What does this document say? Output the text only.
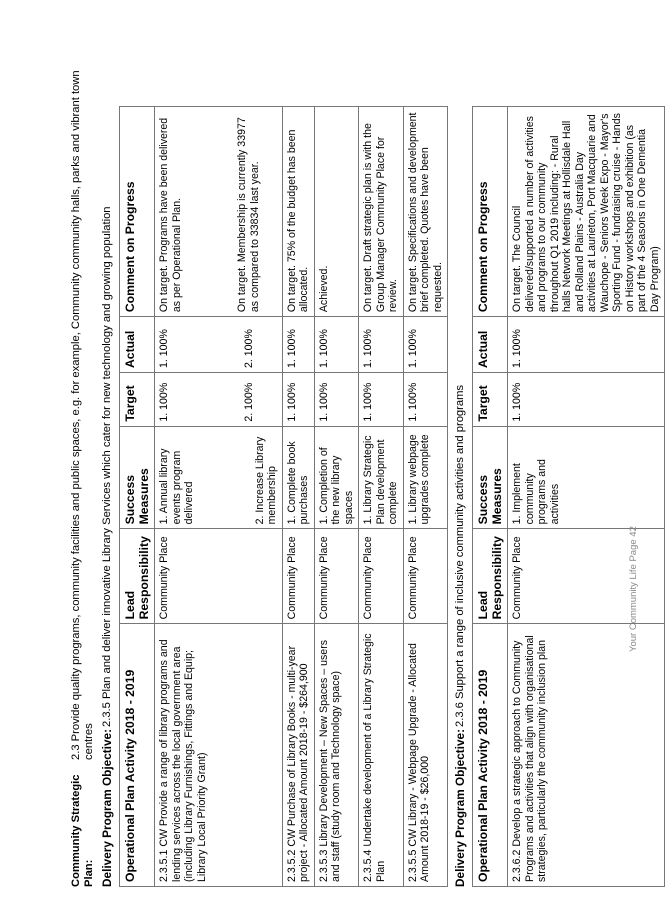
Community Strategic Plan:
2.3 Provide quality programs, community facilities and public spaces, e.g. for example, Community community halls, parks and vibrant town centres Delivery Program Objective:
2.3.5 Plan and deliver innovative Library Services which cater for new technology and growing population
Operational Plan Activity 2018 - 2019	Lead Responsibility	Success Measures	Target	Actual	Comment on Progress
2.3.5.1 CW Provide a range of library programs and lending services across the local government area (including Library Furnishings, Fittings and Equip; Library Local Priority Grant)	Community Place	1. Annual library events program delivered 2. Increase Library membership	1. 100% 2. 100%	1. 100% 2. 100%	On target. Programs have been delivered as per Operational Plan. On target. Membership is currently 33977 as compared to 33834 last year.

2.3.5.2 CW Purchase of Library Books - multi-year project - Allocated Amount 2018-19 - $264,900	Community Place	1. Complete book purchases	1. 100%	1. 100%	On target. 75% of the budget has been allocated.
2.3.5.3 Library Development – New Spaces – users and staff (study room and Technology space)	Community Place	1. Completion of the new library spaces	1. 100%	1. 100%	Achieved.
2.3.5.4 Undertake development of a Library Strategic Plan	Community Place	1. Library Strategic Plan development complete	1. 100%	1. 100%	On target. Draft strategic plan is with the Group Manager Community Place for review.
2.3.5.5 CW Library - Webpage Upgrade - Allocated Amount 2018-19 - $26,000	Community Place	1. Library webpage upgrades complete	1. 100%	1. 100%	On target. Specifications and development brief completed. Quotes have been requested.
Delivery Program Objective:
2.3.6 Support a range of inclusive community activities and programs
Operational Plan Activity 2018 - 2019	Lead Responsibility	Success Measures	Target	Actual	Comment on Progress
2.3.6.2 Develop a strategic approach to Community Programs and activities that align with organisational strategies, particularly the community inclusion plan	Community Place	1. Implement community programs and activities	1. 100%	1. 100%	On target. The Council delivered/supported a number of activities and programs to our community throughout Q1 2019 including: - Rural halls Network Meetings at Hollisdale Hall and Rolland Plains - Australia Day activities at Laurieton, Port Macquarie and Wauchope - Seniors Week Expo - Mayor's Sporting Fund - fundraising cruise - Hands on History workshops and exhibition (as part of the 4 Seasons in One Dementia Day Program)
Your Community Life Page 42
